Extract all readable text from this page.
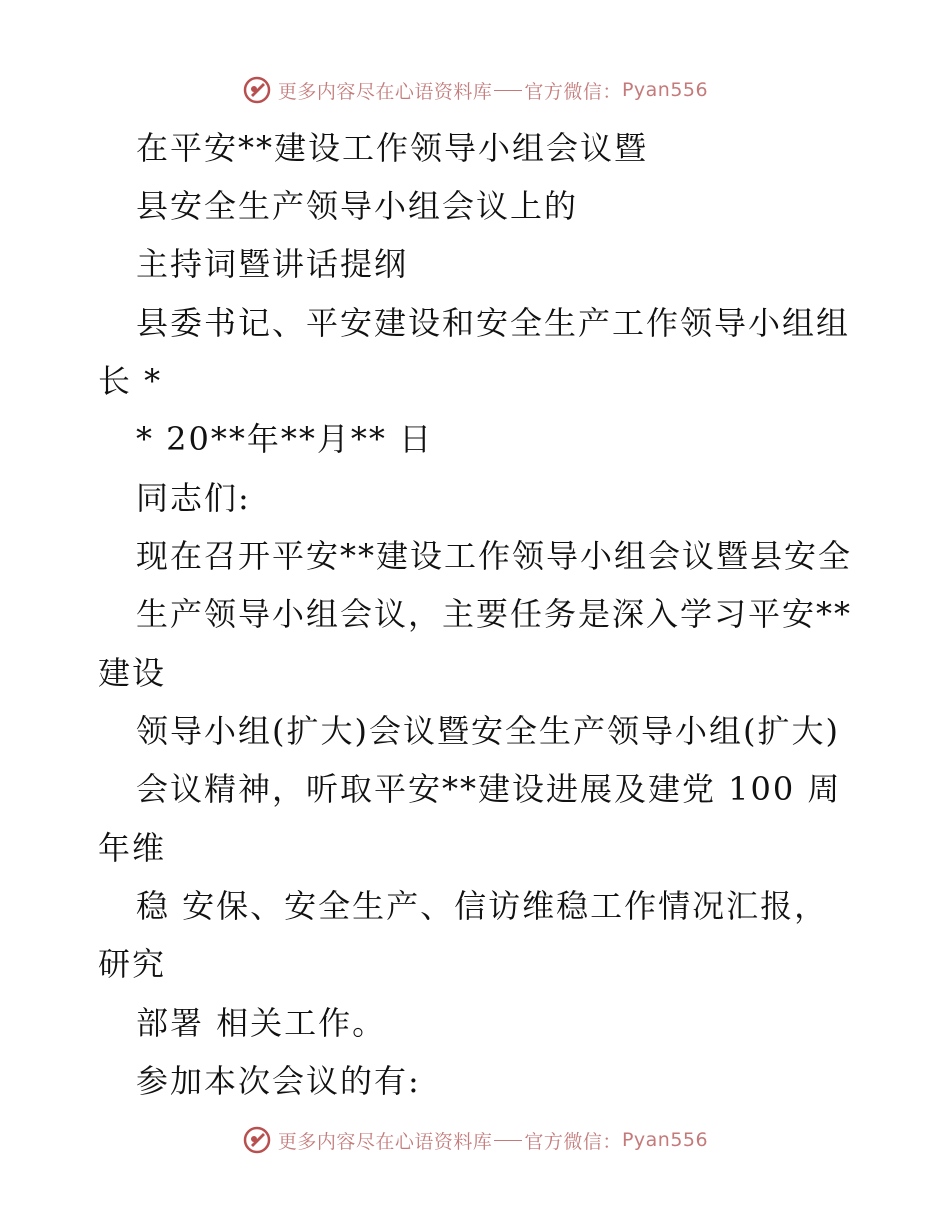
更多内容尽在心语资料库 官方微信： Pyan556
在平安**建设工作领导小组会议暨
县安全生产领导小组会议上的
主持词暨讲话提纲
县委书记、平安建设和安全生产工作领导小组组
长 *
* 20**年**月** 日
同志们:
现在召开平安**建设工作领导小组会议暨县安全
生产领导小组会议，主要任务是深入学习平安**
建设
领导小组(扩大)会议暨安全生产领导小组(扩大)
会议精神，听取平安**建设进展及建党 100 周
年维
稳 安保、安全生产、信访维稳工作情况汇报，
研究
部署 相关工作。
参加本次会议的有:
更多内容尽在心语资料库 官方微信： Pyan556
